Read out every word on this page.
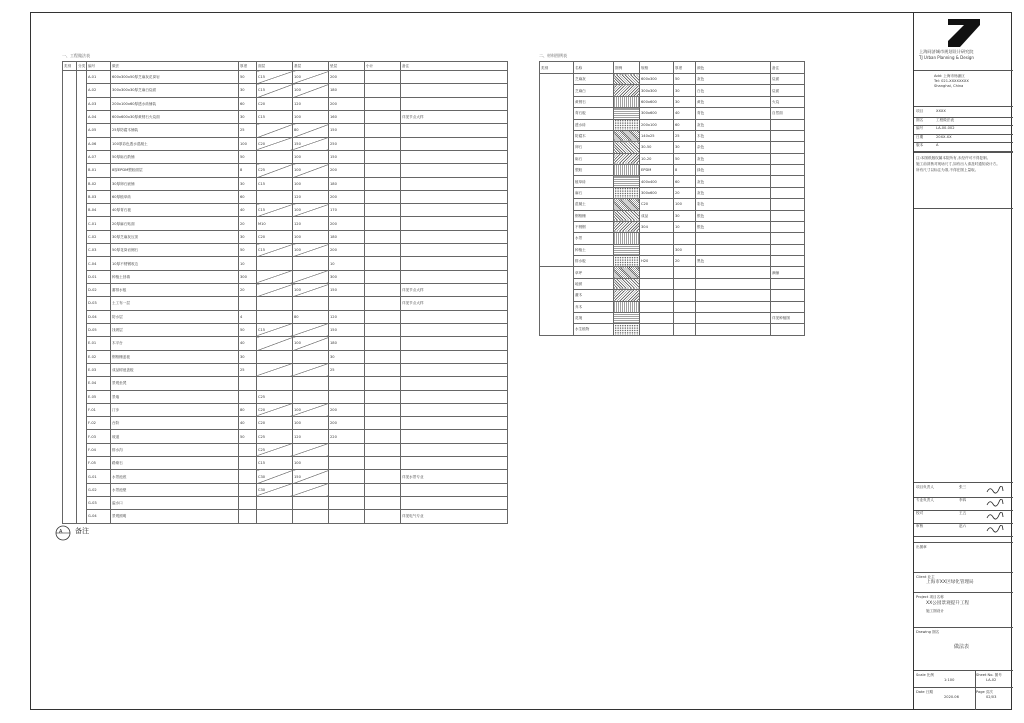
一、工程做法表
类别	分类	编号	做法	厚度	面层	基层	垫层	小计	备注
		A-01	600x300x50厚芝麻灰花岗岩	50	C15	100	200		
		A-02	300x300x30厚芝麻白烧面	30	C15	100	180		
		A-03	200x100x60厚透水砖铺装	60	C20	120	200		
		A-04	600x600x30厚黄锈石火烧面	30	C15	100	160		详见节点大样
		A-05	25厚防腐木铺装	25		80	150		
		A-06	100厚彩色透水混凝土	100	C20	150	250		
		A-07	50厚砾石散铺	50		100	150		
		B-01	8厚EPDM塑胶面层	8	C25	100	200		
		B-02	30厚卵石嵌铺	30	C15	100	180		
		B-03	60厚植草砖	60		120	200		
		B-04	40厚青石板	40	C15	100	170		
		C-01	20厚麻石贴面	20	M10	120	200		
		C-02	30厚芝麻灰压顶	30	C20	100	180		
		C-03	50厚花岗岩侧石	50	C15	100	200		
		C-04	10厚不锈钢收边	10			10		
		D-01	种植土回填	300			300		
		D-02	蓄排水板	20		100	150		详见节点大样
		D-03	土工布一层						详见节点大样
		D-04	防水层	4		80	120		
		D-05	找坡层	50	C15		150		
		E-01	木平台	40		100	180		
		E-02	钢格栅盖板	30			30		
		E-03	成品树池盖板	25			25		
		E-04	景观坐凳						
		E-05	景墙		C25				
		F-01	汀步	80	C20	100	200		
		F-02	台阶	40	C20	100	200		
		F-03	坡道	50	C25	120	220		
		F-04	排水沟		C25				
		F-05	路缘石		C15	100			
		G-01	水景池底		C30	150			详见水景专业
		G-02	水景池壁		C30				
		G-03	溢水口						
		G-04	景观照明						详见电气专业
二、材料图例表
类别	名称	图例	规格	厚度	颜色	备注
	芝麻灰		600x300	50	灰色	烧面
	芝麻白		300x300	30	白色	烧面
	黄锈石		600x600	30	黄色	火烧
	青石板		300x600	40	青色	自然面
	透水砖		200x100	60	灰色	
	防腐木		140x25	25	木色	
	卵石		30-50	30	杂色	
	砾石		10-20	50	灰色	
	塑胶		EPDM	8	绿色	
	植草砖		400x400	60	灰色	
	麻石		300x600	20	灰色	
	混凝土		C20	100	彩色	
	钢格栅		成品	30	银色	
	不锈钢		304	10	银色	
	水景					
	种植土			300		
	排水板		H20	20	黑色	
	草坪					满铺
	地被					
	灌木					
	乔木					
	花境					详见种植图
	水生植物					
A 备注
上海同济城市规划设计研究院
TJ Urban Planning & Design
Add: 上海市杨浦区
Tel: 021-XXXXXXXX
Shanghai, China
项目	XXXX
图名	工程做法表
编号	LA-00-002
日期	20XX.XX
版本	A
注:本图纸版权属本院所有,未经许可不得复制。
施工前须核对现场尺寸,如有出入请及时通知设计方。
所有尺寸以标注为准,不得在图上量取。
项目负责人	张三
专业负责人	李四
校对	王五
审核	赵六
出图章
Client 业主
上海市XX区绿化管理局
Project 项目名称
XX公园景观提升工程
施工图设计
Drawing 图名
做法表
Scale 比例
1:100
Sheet No. 图号
LA-02
Date 日期
2020.06
Page 页次
02/03
